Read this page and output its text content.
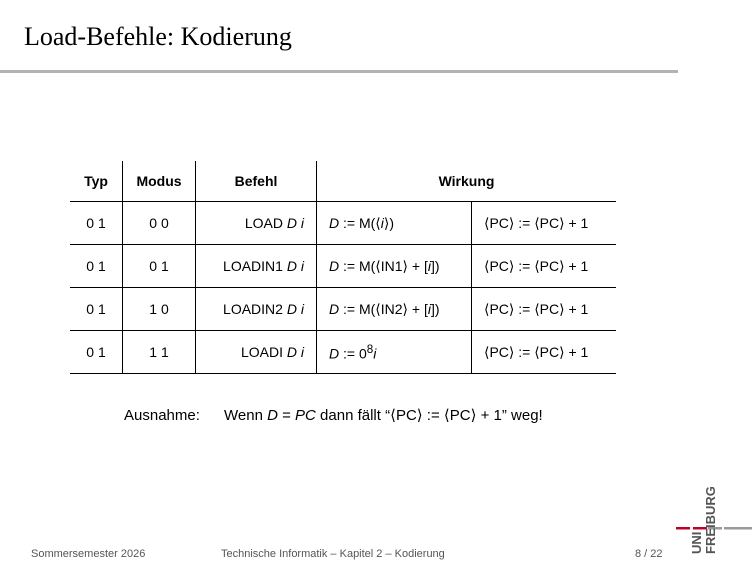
Load-Befehle: Kodierung
Typ	Modus	Befehl	Wirkung	
0 1	0 0	LOAD D i	D := M(⟨i⟩)	⟨PC⟩ := ⟨PC⟩ + 1
0 1	0 1	LOADIN1 D i	D := M(⟨IN1⟩ + [i])	⟨PC⟩ := ⟨PC⟩ + 1
0 1	1 0	LOADIN2 D i	D := M(⟨IN2⟩ + [i])	⟨PC⟩ := ⟨PC⟩ + 1
0 1	1 1	LOADI D i	D := $0^8i$	⟨PC⟩ := ⟨PC⟩ + 1
Ausnahme: Wenn D = PC dann fällt “⟨PC⟩ := ⟨PC⟩ + 1” weg!
Sommersemester 2026	Technische Informatik – Kapitel 2 – Kodierung	8 / 22 UNI FREIBURG
